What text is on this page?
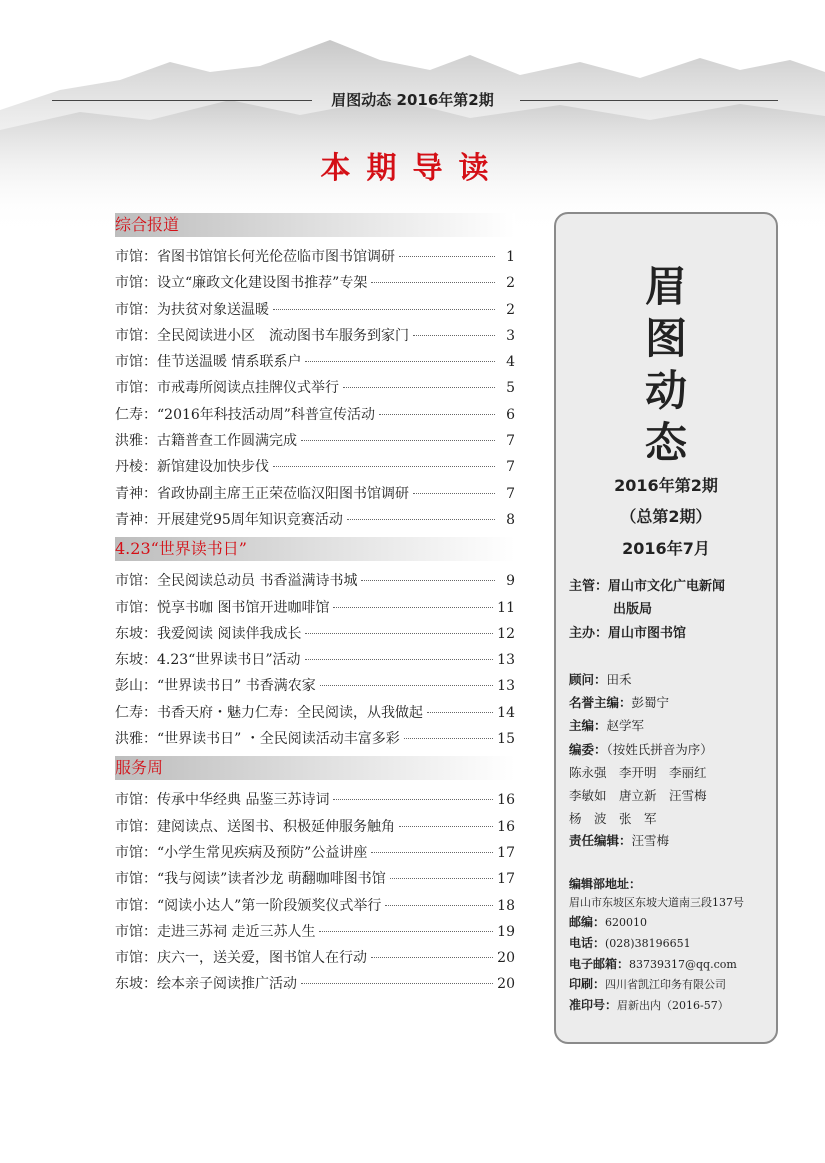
眉图动态 2016年第2期
本期导读
综合报道
市馆：省图书馆馆长何光伦莅临市图书馆调研	1
市馆：设立“廉政文化建设图书推荐”专架	2
市馆：为扶贫对象送温暖	2
市馆：全民阅读进小区　流动图书车服务到家门	3
市馆：佳节送温暖 情系联系户	4
市馆：市戒毒所阅读点挂牌仪式举行	5
仁寿：“2016年科技活动周”科普宣传活动	6
洪雅：古籍普查工作圆满完成	7
丹棱：新馆建设加快步伐	7
青神：省政协副主席王正荣莅临汉阳图书馆调研	7
青神：开展建党95周年知识竞赛活动	8
4.23“世界读书日”
市馆：全民阅读总动员 书香溢满诗书城	9
市馆：悦享书咖 图书馆开进咖啡馆	11
东坡：我爱阅读 阅读伴我成长	12
东坡：4.23“世界读书日”活动	13
彭山：“世界读书日” 书香满农家	13
仁寿：书香天府・魅力仁寿：全民阅读，从我做起	14
洪雅：“世界读书日” ・全民阅读活动丰富多彩	15
服务周
市馆：传承中华经典 品鉴三苏诗词	16
市馆：建阅读点、送图书、积极延伸服务触角	16
市馆：“小学生常见疾病及预防”公益讲座	17
市馆：“我与阅读”读者沙龙 萌翻咖啡图书馆	17
市馆：“阅读小达人”第一阶段颁奖仪式举行	18
市馆：走进三苏祠 走近三苏人生	19
市馆：庆六一，送关爱，图书馆人在行动	20
东坡：绘本亲子阅读推广活动	20
眉
图
动
态
2016年第2期
（总第2期）
2016年7月
主管：眉山市文化广电新闻
出版局
主办：眉山市图书馆
顾问：田禾
名誉主编：彭蜀宁
主编：赵学军
编委：（按姓氏拼音为序）
陈永强　李开明　李丽红
李敏如　唐立新　汪雪梅
杨　波　张　军
责任编辑：汪雪梅
编辑部地址：
眉山市东坡区东坡大道南三段137号
邮编：620010
电话：(028)38196651
电子邮箱：83739317@qq.com
印刷：四川省凯江印务有限公司
准印号：眉新出内（2016-57）
